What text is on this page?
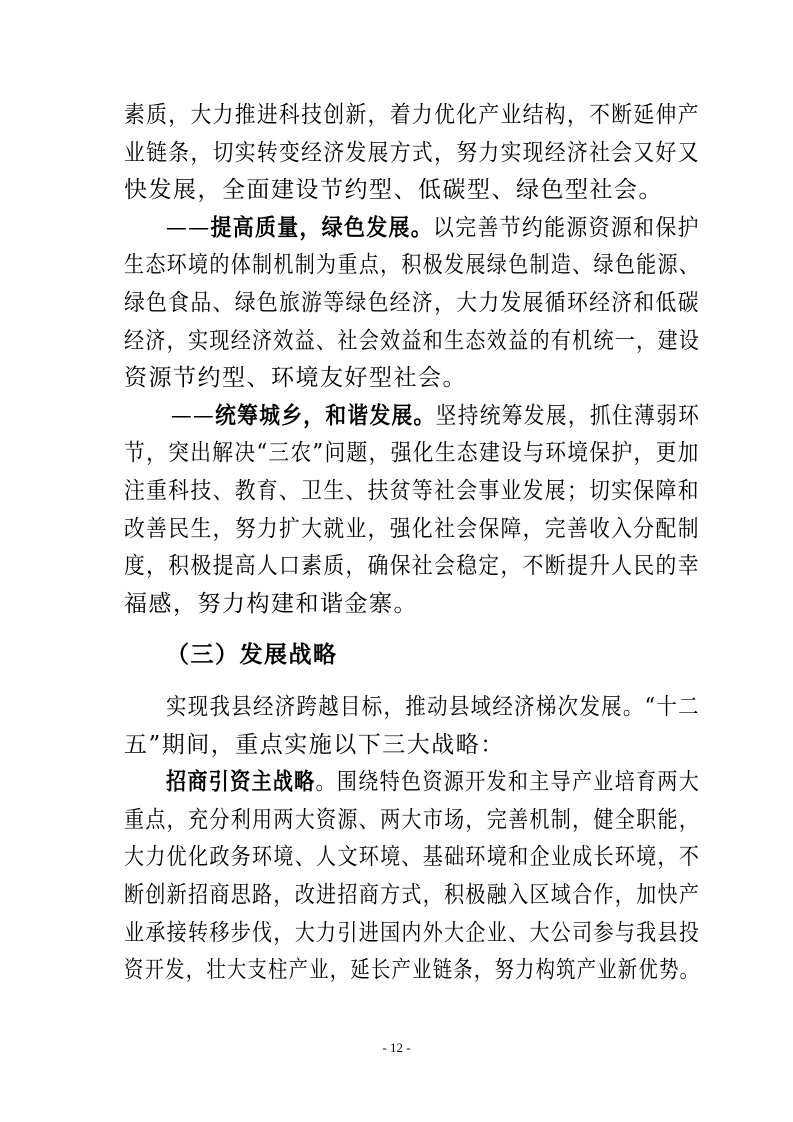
素质，大力推进科技创新，着力优化产业结构，不断延伸产
业链条，切实转变经济发展方式，努力实现经济社会又好又
快发展，全面建设节约型、低碳型、绿色型社会。
——提高质量，绿色发展。以完善节约能源资源和保护
生态环境的体制机制为重点，积极发展绿色制造、绿色能源、
绿色食品、绿色旅游等绿色经济，大力发展循环经济和低碳
经济，实现经济效益、社会效益和生态效益的有机统一，建设
资源节约型、环境友好型社会。
——统筹城乡，和谐发展。坚持统筹发展，抓住薄弱环
节，突出解决“三农”问题，强化生态建设与环境保护，更加
注重科技、教育、卫生、扶贫等社会事业发展；切实保障和
改善民生，努力扩大就业，强化社会保障，完善收入分配制
度，积极提高人口素质，确保社会稳定，不断提升人民的幸
福感，努力构建和谐金寨。
（三）发展战略
实现我县经济跨越目标，推动县域经济梯次发展。“十二
五”期间，重点实施以下三大战略：
招商引资主战略。围绕特色资源开发和主导产业培育两大
重点，充分利用两大资源、两大市场，完善机制，健全职能，
大力优化政务环境、人文环境、基础环境和企业成长环境，不
断创新招商思路，改进招商方式，积极融入区域合作，加快产
业承接转移步伐，大力引进国内外大企业、大公司参与我县投
资开发，壮大支柱产业，延长产业链条，努力构筑产业新优势。
- 12 -
